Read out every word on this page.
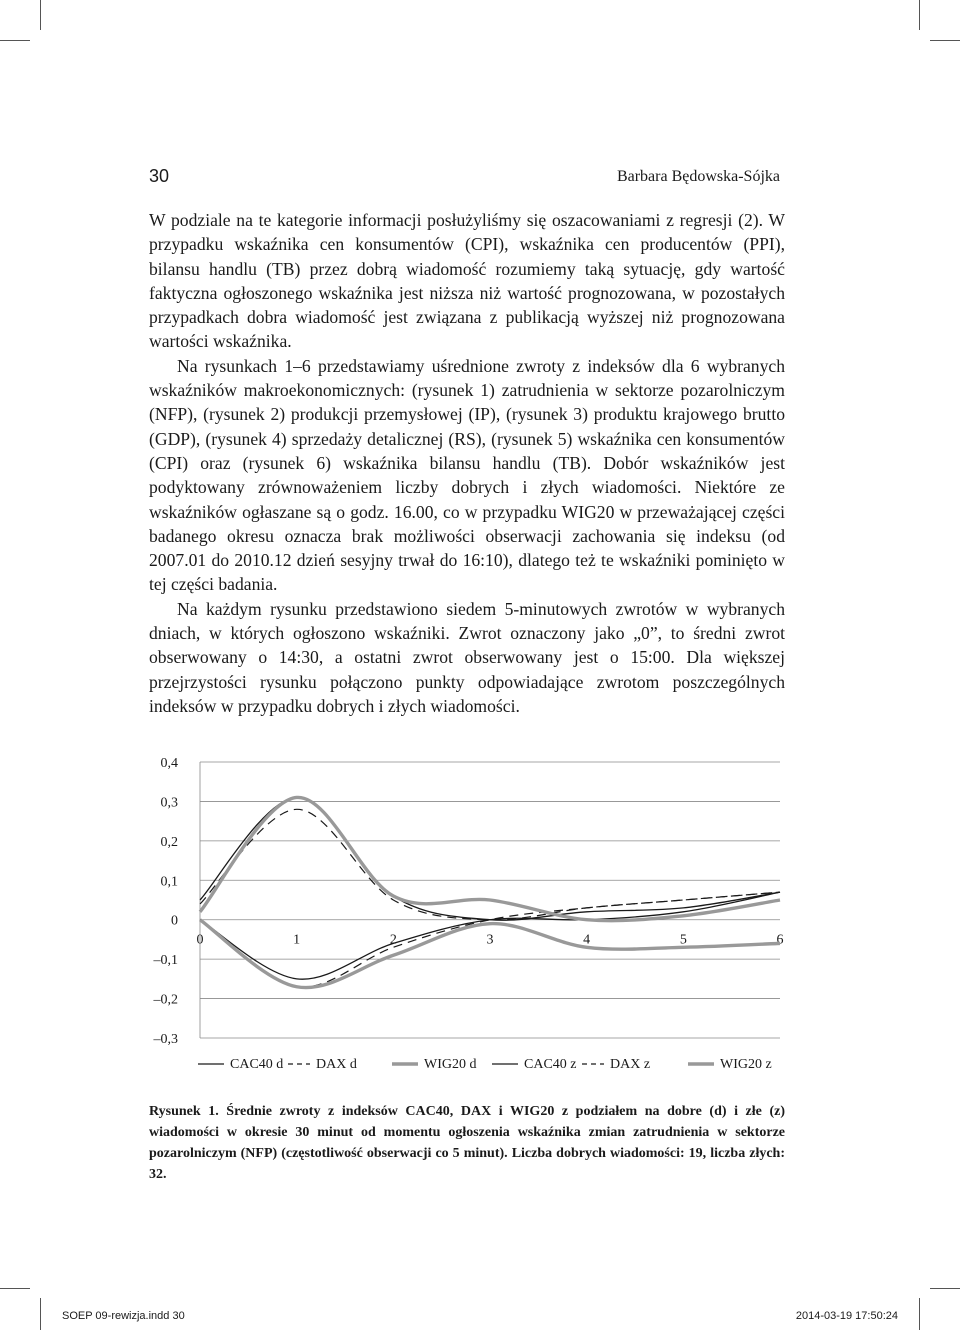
30	Barbara Będowska-Sójka

W podziale na te kategorie informacji posłużyliśmy się oszacowaniami z regresji (2). W przypadku wskaźnika cen konsumentów (CPI), wskaźnika cen producentów (PPI), bilansu handlu (TB) przez dobrą wiadomość rozumiemy taką sytuację, gdy wartość faktyczna ogłoszonego wskaźnika jest niższa niż wartość prognozowana, w pozostałych przypadkach dobra wiadomość jest związana z publikacją wyższej niż prognozowana wartości wskaźnika.

Na rysunkach 1–6 przedstawiamy uśrednione zwroty z indeksów dla 6 wybranych wskaźników makroekonomicznych: (rysunek 1) zatrudnienia w sektorze pozarolniczym (NFP), (rysunek 2) produkcji przemysłowej (IP), (rysunek 3) produktu krajowego brutto (GDP), (rysunek 4) sprzedaży detalicznej (RS), (rysunek 5) wskaźnika cen konsumentów (CPI) oraz (rysunek 6) wskaźnika bilansu handlu (TB). Dobór wskaźników jest podyktowany zrównoważeniem liczby dobrych i złych wiadomości. Niektóre ze wskaźników ogłaszane są o godz. 16.00, co w przypadku WIG20 w przeważającej części badanego okresu oznacza brak możliwości obserwacji zachowania się indeksu (od 2007.01 do 2010.12 dzień sesyjny trwał do 16:10), dlatego też te wskaźniki pominięto w tej części badania.

Na każdym rysunku przedstawiono siedem 5-minutowych zwrotów w wybranych dniach, w których ogłoszono wskaźniki. Zwrot oznaczony jako „0”, to średni zwrot obserwowany o 14:30, a ostatni zwrot obserwowany jest o 15:00. Dla większej przejrzystości rysunku połączono punkty odpowiadające zwrotom poszczególnych indeksów w przypadku dobrych i złych wiadomości.

0,4
0,3
0,2
0,1
0
–0,1
–0,2
–0,3
0	1	2	3	4	5	6
CAC40 d DAX d	WIG20 d	CAC40 z DAX z	WIG20 z
Rysunek 1. Średnie zwroty z indeksów CAC40, DAX i WIG20 z podziałem na dobre (d) i złe (z) wiadomości w okresie 30 minut od momentu ogłoszenia wskaźnika zmian zatrudnienia w sektorze pozarolniczym (NFP) (częstotliwość obserwacji co 5 minut). Liczba dobrych wiadomości: 19, liczba złych: 32.
SOEP 09-rewizja.indd 30	2014-03-19 17:50:24
